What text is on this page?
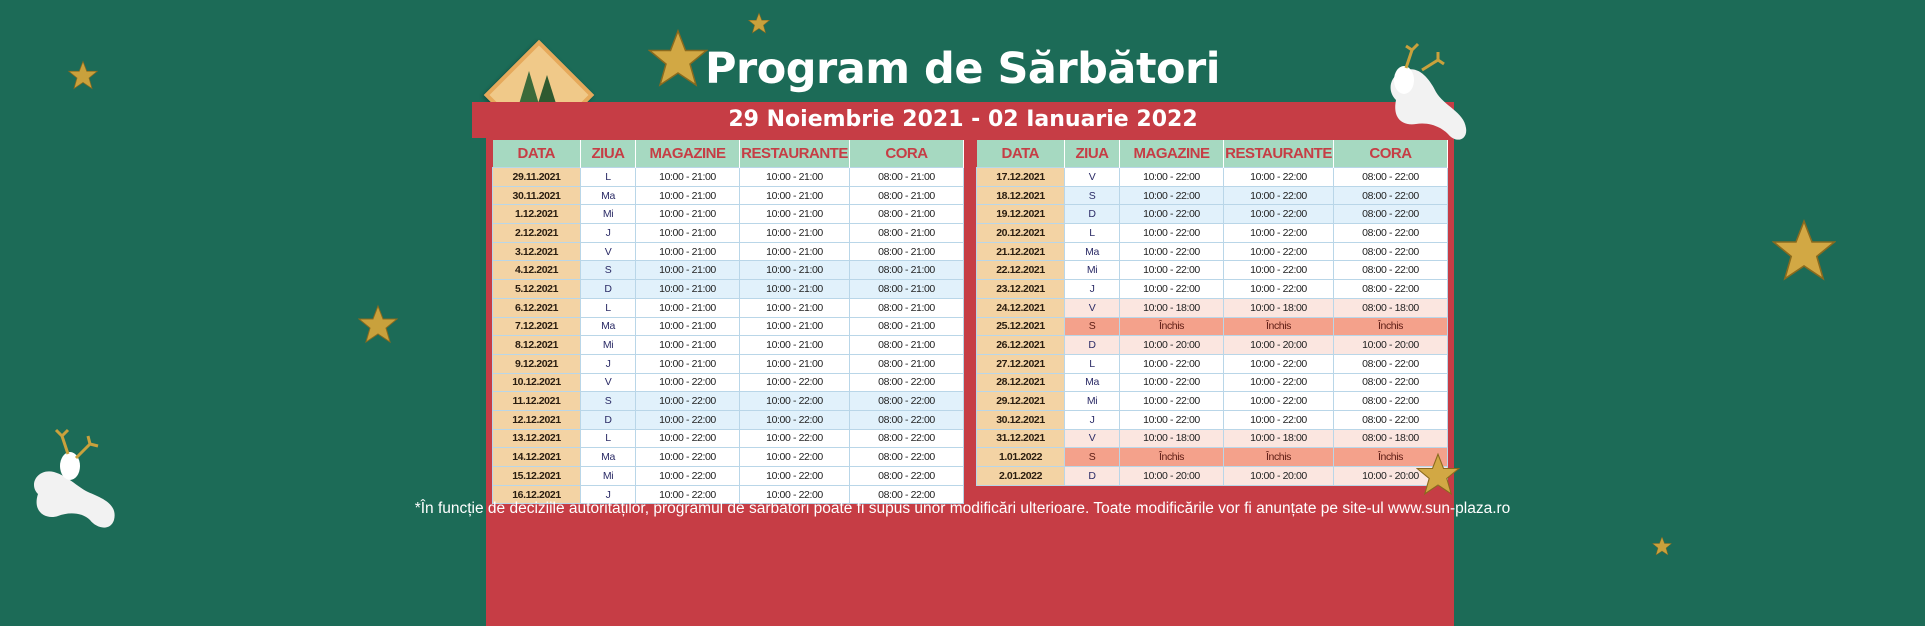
Program de Sărbători
29 Noiembrie 2021 - 02 Ianuarie 2022
DATA	ZIUA	MAGAZINE	RESTAURANTE	CORA
29.11.2021	L	10:00 - 21:00	10:00 - 21:00	08:00 - 21:00
30.11.2021	Ma	10:00 - 21:00	10:00 - 21:00	08:00 - 21:00
1.12.2021	Mi	10:00 - 21:00	10:00 - 21:00	08:00 - 21:00
2.12.2021	J	10:00 - 21:00	10:00 - 21:00	08:00 - 21:00
3.12.2021	V	10:00 - 21:00	10:00 - 21:00	08:00 - 21:00
4.12.2021	S	10:00 - 21:00	10:00 - 21:00	08:00 - 21:00
5.12.2021	D	10:00 - 21:00	10:00 - 21:00	08:00 - 21:00
6.12.2021	L	10:00 - 21:00	10:00 - 21:00	08:00 - 21:00
7.12.2021	Ma	10:00 - 21:00	10:00 - 21:00	08:00 - 21:00
8.12.2021	Mi	10:00 - 21:00	10:00 - 21:00	08:00 - 21:00
9.12.2021	J	10:00 - 21:00	10:00 - 21:00	08:00 - 21:00
10.12.2021	V	10:00 - 22:00	10:00 - 22:00	08:00 - 22:00
11.12.2021	S	10:00 - 22:00	10:00 - 22:00	08:00 - 22:00
12.12.2021	D	10:00 - 22:00	10:00 - 22:00	08:00 - 22:00
13.12.2021	L	10:00 - 22:00	10:00 - 22:00	08:00 - 22:00
14.12.2021	Ma	10:00 - 22:00	10:00 - 22:00	08:00 - 22:00
15.12.2021	Mi	10:00 - 22:00	10:00 - 22:00	08:00 - 22:00
16.12.2021	J	10:00 - 22:00	10:00 - 22:00	08:00 - 22:00
DATA	ZIUA	MAGAZINE	RESTAURANTE	CORA
17.12.2021	V	10:00 - 22:00	10:00 - 22:00	08:00 - 22:00
18.12.2021	S	10:00 - 22:00	10:00 - 22:00	08:00 - 22:00
19.12.2021	D	10:00 - 22:00	10:00 - 22:00	08:00 - 22:00
20.12.2021	L	10:00 - 22:00	10:00 - 22:00	08:00 - 22:00
21.12.2021	Ma	10:00 - 22:00	10:00 - 22:00	08:00 - 22:00
22.12.2021	Mi	10:00 - 22:00	10:00 - 22:00	08:00 - 22:00
23.12.2021	J	10:00 - 22:00	10:00 - 22:00	08:00 - 22:00
24.12.2021	V	10:00 - 18:00	10:00 - 18:00	08:00 - 18:00
25.12.2021	S	Închis	Închis	Închis
26.12.2021	D	10:00 - 20:00	10:00 - 20:00	10:00 - 20:00
27.12.2021	L	10:00 - 22:00	10:00 - 22:00	08:00 - 22:00
28.12.2021	Ma	10:00 - 22:00	10:00 - 22:00	08:00 - 22:00
29.12.2021	Mi	10:00 - 22:00	10:00 - 22:00	08:00 - 22:00
30.12.2021	J	10:00 - 22:00	10:00 - 22:00	08:00 - 22:00
31.12.2021	V	10:00 - 18:00	10:00 - 18:00	08:00 - 18:00
1.01.2022	S	Închis	Închis	Închis
2.01.2022	D	10:00 - 20:00	10:00 - 20:00	10:00 - 20:00
*În funcție de deciziile autorităților, programul de sărbători poate fi supus unor modificări ulterioare. Toate modificările vor fi anunțate pe site-ul www.sun-plaza.ro
